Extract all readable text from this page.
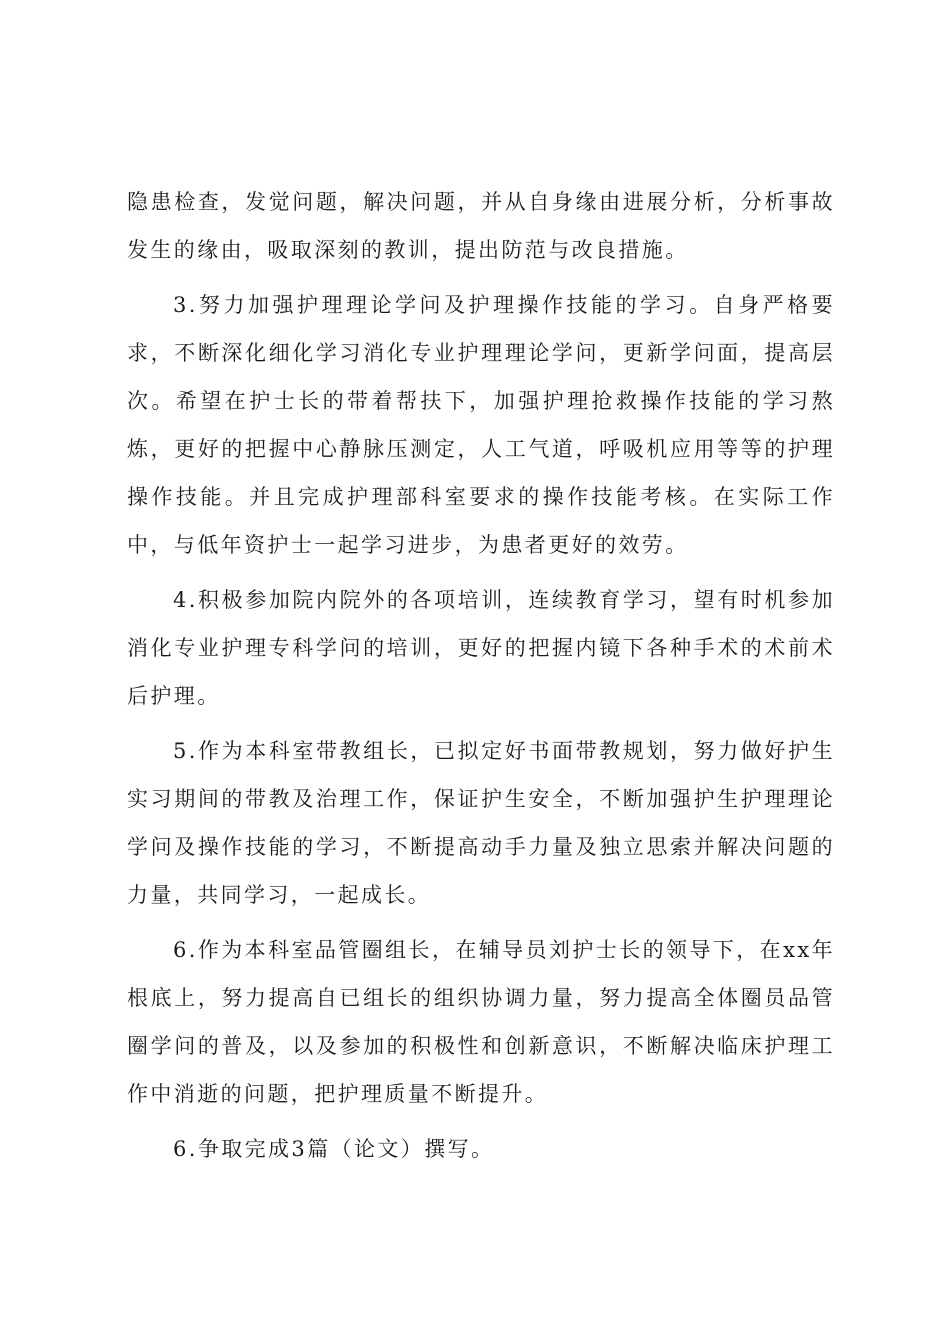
隐患检查，发觉问题，解决问题，并从自身缘由进展分析，分析事故发生的缘由，吸取深刻的教训，提出防范与改良措施。

3.努力加强护理理论学问及护理操作技能的学习。自身严格要求，不断深化细化学习消化专业护理理论学问，更新学问面，提高层次。希望在护士长的带着帮扶下，加强护理抢救操作技能的学习熬炼，更好的把握中心静脉压测定，人工气道，呼吸机应用等等的护理操作技能。并且完成护理部科室要求的操作技能考核。在实际工作中，与低年资护士一起学习进步，为患者更好的效劳。

4.积极参加院内院外的各项培训，连续教育学习，望有时机参加消化专业护理专科学问的培训，更好的把握内镜下各种手术的术前术后护理。

5.作为本科室带教组长，已拟定好书面带教规划，努力做好护生实习期间的带教及治理工作，保证护生安全，不断加强护生护理理论学问及操作技能的学习，不断提高动手力量及独立思索并解决问题的力量，共同学习，一起成长。

6.作为本科室品管圈组长，在辅导员刘护士长的领导下，在xx年根底上，努力提高自已组长的组织协调力量，努力提高全体圈员品管圈学问的普及，以及参加的积极性和创新意识，不断解决临床护理工作中消逝的问题，把护理质量不断提升。

6.争取完成3篇（论文）撰写。
